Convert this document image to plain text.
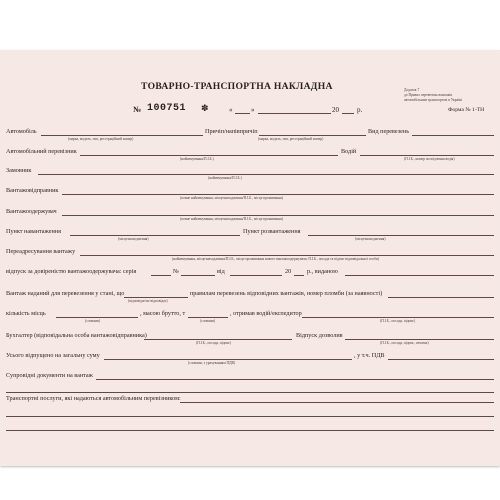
ТОВАРНО-ТРАНСПОРТНА НАКЛАДНА	Додаток 7
до Правил перевезень вантажів
автомобільним транспортом в Україні
№ 100751 ✽	«	»	20	р.	Форма № 1-ТН
Автомобіль
(марка, модель, тип, реєстраційний номер)
Причіп/напівпричіп
(марка, модель, тип, реєстраційний номер)
Вид перевезень
Автомобільний перевізник
(найменування/П.І.Б.)
Водій
(П.І.Б., номер посвідчення водія)
Замовник
(найменування/П.І.Б.)
Вантажовідправник
(повне найменування, місцезнаходження/П.І.Б., місце проживання)
Вантажоодержувач
(повне найменування, місцезнаходження/П.І.Б., місце проживання)
Пункт навантаження
(місцезнаходження)
Пункт розвантаження
(місцезнаходження)
Переадресування вантажу
(найменування, місцезнаходження/П.І.Б., місце проживання нового вантажоодержувача; П.І.Б., посада та підпис відповідальної особи)
відпуск за довіреністю вантажоодержувача: серія	№	від	20	р., виданою
Вантаж наданий для перевезення у стані, що
(відповідає/не відповідає)
правилам перевезень відповідних вантажів, номер пломби (за наявності)
кількість місць
(словами)
, масою брутто, т
(словами)
, отримав водій/експедитор
(П.І.Б., посада, підпис)
Бухгалтер (відповідальна особа вантажовідправника)
(П.І.Б., посада, підпис)
Відпуск дозволив
(П.І.Б., посада, підпис, печатка)
Усього відпущено на загальну суму
(словами, з урахуванням ПДВ)
, у т.ч. ПДВ
Супровідні документи на вантаж
Транспортні послуги, які надаються автомобільним перевізником:
